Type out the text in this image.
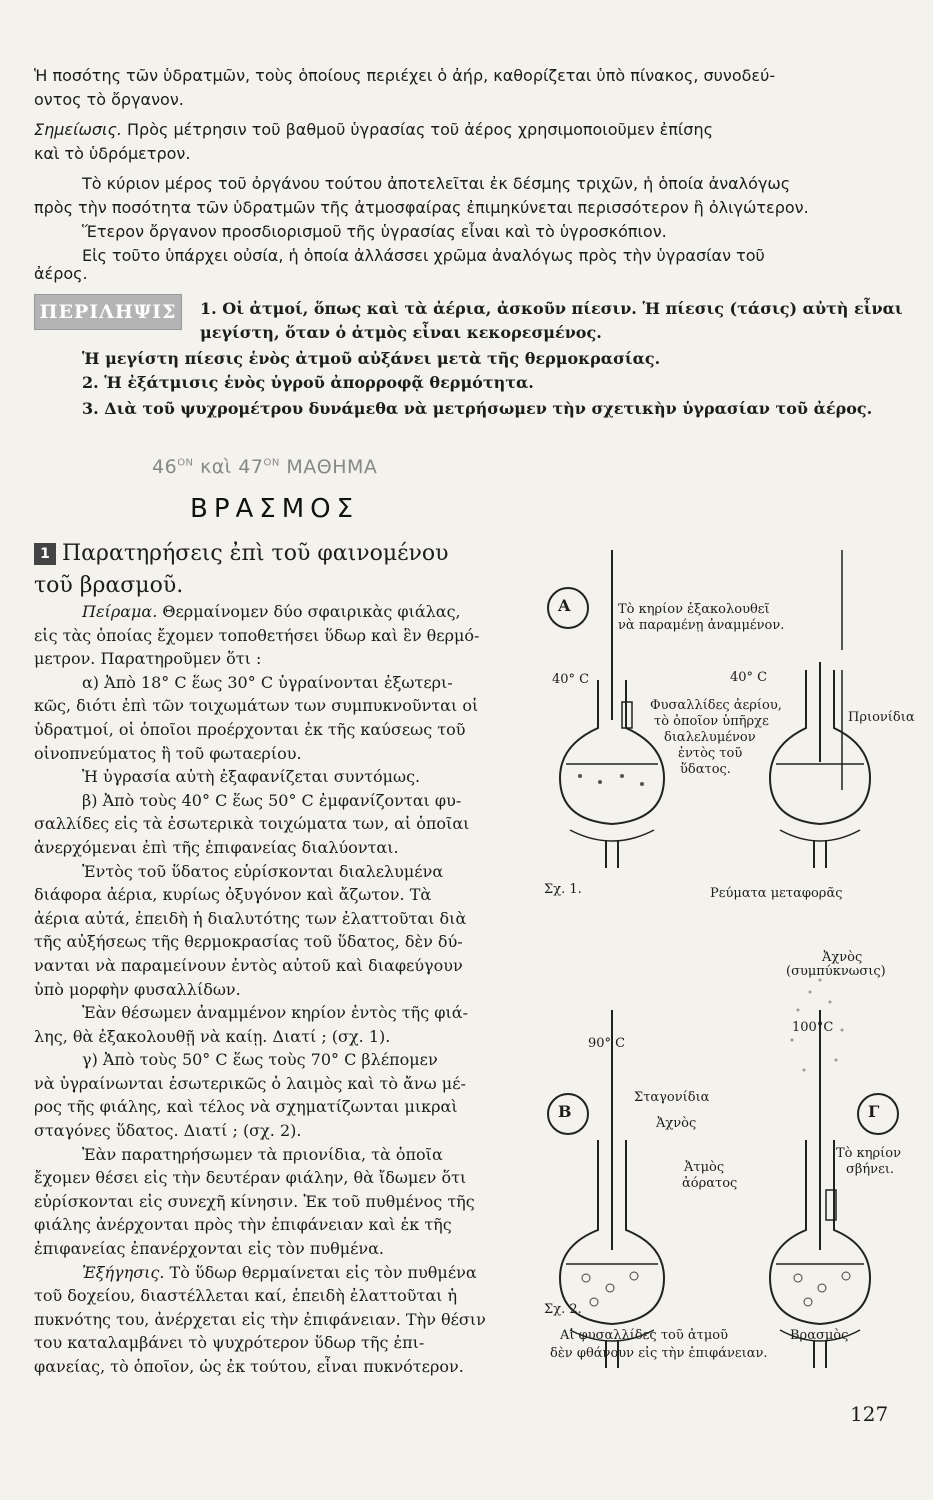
Ἡ ποσότης τῶν ὑδρατμῶν, τοὺς ὁποίους περιέχει ὁ ἀήρ, καθορίζεται ὑπὸ πίνακος, συνοδεύ-
οντος τὸ ὄργανον.
Σημείωσις. Πρὸς μέτρησιν τοῦ βαθμοῦ ὑγρασίας τοῦ ἀέρος χρησιμοποιοῦμεν ἐπίσης
καὶ τὸ ὑδρόμετρον.
Τὸ κύριον μέρος τοῦ ὀργάνου τούτου ἀποτελεῖται ἐκ δέσμης τριχῶν, ἡ ὁποία ἀναλόγως
πρὸς τὴν ποσότητα τῶν ὑδρατμῶν τῆς ἀτμοσφαίρας ἐπιμηκύνεται περισσότερον ἢ ὀλιγώτερον.
Ἕτερον ὄργανον προσδιορισμοῦ τῆς ὑγρασίας εἶναι καὶ τὸ ὑγροσκόπιον.
Εἰς τοῦτο ὑπάρχει οὐσία, ἡ ὁποία ἀλλάσσει χρῶμα ἀναλόγως πρὸς τὴν ὑγρασίαν τοῦ
ἀέρος.
ΠΕΡΙΛΗΨΙΣ	1. Οἱ ἀτμοί, ὅπως καὶ τὰ ἀέρια, ἀσκοῦν πίεσιν. Ἡ πίεσις (τάσις) αὐτὴ εἶναι
μεγίστη, ὅταν ὁ ἀτμὸς εἶναι κεκορεσμένος.
Ἡ μεγίστη πίεσις ἑνὸς ἀτμοῦ αὐξάνει μετὰ τῆς θερμοκρασίας.
2. Ἡ ἐξάτμισις ἑνὸς ὑγροῦ ἀπορροφᾷ θερμότητα.
3. Διὰ τοῦ ψυχρομέτρου δυνάμεθα νὰ μετρήσωμεν τὴν σχετικὴν ὑγρασίαν τοῦ ἀέρος.
$46^{ON}$ καὶ $47^{ON}$ ΜΑΘΗΜΑ
ΒΡΑΣΜΟΣ
1 Παρατηρήσεις ἐπὶ τοῦ φαινομένου
τοῦ βρασμοῦ.
Πείραμα. Θερμαίνομεν δύο σφαιρικὰς φιάλας,
εἰς τὰς ὁποίας ἔχομεν τοποθετήσει ὕδωρ καὶ ἓν θερμό-
μετρον. Παρατηροῦμεν ὅτι :
α) Ἀπὸ 18° C ἕως 30° C ὑγραίνονται ἐξωτερι-
κῶς, διότι ἐπὶ τῶν τοιχωμάτων των συμπυκνοῦνται οἱ
ὑδρατμοί, οἱ ὁποῖοι προέρχονται ἐκ τῆς καύσεως τοῦ
οἰνοπνεύματος ἢ τοῦ φωταερίου.
Ἡ ὑγρασία αὐτὴ ἐξαφανίζεται συντόμως.
β) Ἀπὸ τοὺς 40° C ἕως 50° C ἐμφανίζονται φυ-
σαλλίδες εἰς τὰ ἐσωτερικὰ τοιχώματα των, αἱ ὁποῖαι
ἀνερχόμεναι ἐπὶ τῆς ἐπιφανείας διαλύονται.
Ἐντὸς τοῦ ὕδατος εὑρίσκονται διαλελυμένα
διάφορα ἀέρια, κυρίως ὀξυγόνον καὶ ἄζωτον. Τὰ
ἀέρια αὐτά, ἐπειδὴ ἡ διαλυτότης των ἐλαττοῦται διὰ
τῆς αὐξήσεως τῆς θερμοκρασίας τοῦ ὕδατος, δὲν δύ-
νανται νὰ παραμείνουν ἐντὸς αὐτοῦ καὶ διαφεύγουν
ὑπὸ μορφὴν φυσαλλίδων.
Ἐὰν θέσωμεν ἀναμμένον κηρίον ἐντὸς τῆς φιά-
λης, θὰ ἐξακολουθῇ νὰ καίῃ. Διατί ; (σχ. 1).
γ) Ἀπὸ τοὺς 50° C ἕως τοὺς 70° C βλέπομεν
νὰ ὑγραίνωνται ἐσωτερικῶς ὁ λαιμὸς καὶ τὸ ἄνω μέ-
ρος τῆς φιάλης, καὶ τέλος νὰ σχηματίζωνται μικραὶ
σταγόνες ὕδατος. Διατί ; (σχ. 2).
Ἐὰν παρατηρήσωμεν τὰ πριονίδια, τὰ ὁποῖα
ἔχομεν θέσει εἰς τὴν δευτέραν φιάλην, θὰ ἴδωμεν ὅτι
εὑρίσκονται εἰς συνεχῆ κίνησιν. Ἐκ τοῦ πυθμένος τῆς
φιάλης ἀνέρχονται πρὸς τὴν ἐπιφάνειαν καὶ ἐκ τῆς
ἐπιφανείας ἐπανέρχονται εἰς τὸν πυθμένα.
Ἐξήγησις. Τὸ ὕδωρ θερμαίνεται εἰς τὸν πυθμένα
τοῦ δοχείου, διαστέλλεται καί, ἐπειδὴ ἐλαττοῦται ἡ
πυκνότης του, ἀνέρχεται εἰς τὴν ἐπιφάνειαν. Τὴν θέσιν
του καταλαμβάνει τὸ ψυχρότερον ὕδωρ τῆς ἐπι-
φανείας, τὸ ὁποῖον, ὡς ἐκ τούτου, εἶναι πυκνότερον.
Α	Τὸ κηρίον ἐξακολουθεῖ
νὰ παραμένῃ ἀναμμένον.
40° C	40° C
Φυσαλλίδες ἀερίου,
τὸ ὁποῖον ὑπῆρχε
διαλελυμένον
ἐντὸς τοῦ
ὕδατος.
Πριονίδια
Σχ. 1.	Ρεύματα μεταφορᾶς
Ἀχνὸς
(συμπύκνωσις)
90° C
100°C
Β	Γ
Σταγονίδια
Ἀχνὸς
Ἀτμὸς
ἀόρατος
Τὸ κηρίον
σβήνει.
Σχ. 2.
Αἱ φυσαλλίδες τοῦ ἀτμοῦ
δὲν φθάνουν εἰς τὴν ἐπιφάνειαν.
Βρασμὸς
127
